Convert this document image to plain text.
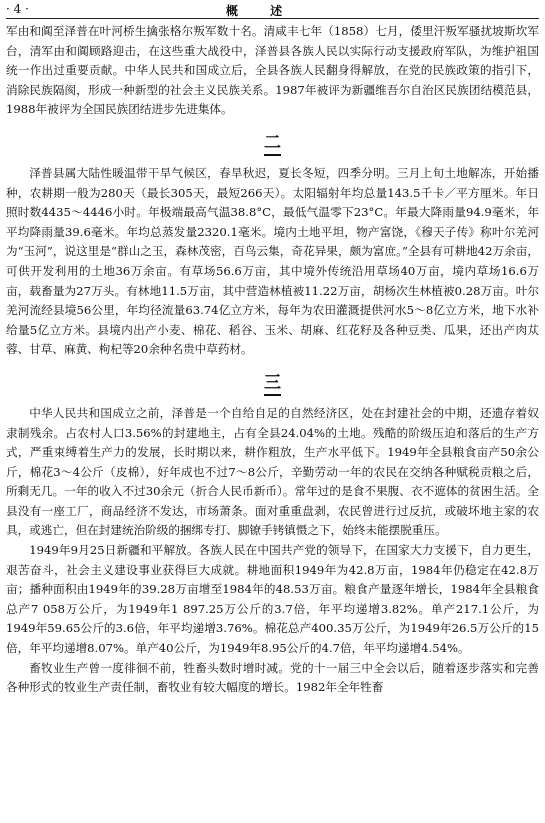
· 4 ·	概 述

军由和阗至泽普在叶河桥生擒张格尔叛军数十名。清咸丰七年（1858）七月，倭里汗叛军骚扰坡斯坎军台，清军由和阗顾路迎击，在这些重大战役中，泽普县各族人民以实际行动支援政府军队，为维护祖国统一作出过重要贡献。中华人民共和国成立后，全县各族人民翻身得解放，在党的民族政策的指引下，消除民族隔阂，形成一种新型的社会主义民族关系。1987年被评为新疆维吾尔自治区民族团结模范县，1988年被评为全国民族团结进步先进集体。

二

泽普县属大陆性暖温带干旱气候区，春旱秋迟，夏长冬短，四季分明。三月上旬土地解冻，开始播种，农耕期一般为280天（最长305天，最短266天）。太阳辐射年均总量143.5千卡／平方厘米。年日照时数4435～4446小时。年极端最高气温38.8°C，最低气温零下23°C。年最大降雨量94.9毫米，年平均降雨量39.6毫米。年均总蒸发量2320.1毫米。境内土地平坦，物产富饶，《穆天子传》称叶尔羌河为“玉河”，说这里是“群山之玉，森林茂密，百鸟云集，奇花异果，颇为富庶。”全县有可耕地42万余亩，可供开发利用的土地36万余亩。有草场56.6万亩，其中境外传统沿用草场40万亩，境内草场16.6万亩，载畜量为27万头。有林地11.5万亩，其中营造林植被11.22万亩，胡杨次生林植被0.28万亩。叶尔羌河流经县境56公里，年均径流量63.74亿立方米，每年为农田灌溉提供河水5～8亿立方米，地下水补给量5亿立方米。县境内出产小麦、棉花、稻谷、玉米、胡麻、红花籽及各种豆类、瓜果，还出产肉苁蓉、甘草、麻黄、枸杞等20余种名贵中草药材。

三

中华人民共和国成立之前，泽普是一个自给自足的自然经济区，处在封建社会的中期，还遗存着奴隶制残余。占农村人口3.56%的封建地主，占有全县24.04%的土地。残酷的阶级压迫和落后的生产方式，严重束缚着生产力的发展，长时期以来，耕作粗放，生产水平低下。1949年全县粮食亩产50余公斤，棉花3～4公斤（皮棉），好年成也不过7～8公斤，辛勤劳动一年的农民在交纳各种赋税贡粮之后，所剩无几。一年的收入不过30余元（折合人民币新币）。常年过的是食不果腹、衣不遮体的贫困生活。全县没有一座工厂，商品经济不发达，市场萧条。面对重重盘剥，农民曾进行过反抗，或破坏地主家的农具，或逃亡，但在封建统治阶级的捆绑专打、脚镣手铐镇慑之下，始终未能摆脱重压。

1949年9月25日新疆和平解放。各族人民在中国共产党的领导下，在国家大力支援下，自力更生，艰苦奋斗，社会主义建设事业获得巨大成就。耕地面积1949年为42.8万亩，1984年仍稳定在42.8万亩；播种面积由1949年的39.28万亩增至1984年的48.53万亩。粮食产量逐年增长，1984年全县粮食总产7 058万公斤，为1949年1 897.25万公斤的3.7倍，年平均递增3.82%。单产217.1公斤，为1949年59.65公斤的3.6倍，年平均递增3.76%。棉花总产400.35万公斤，为1949年26.5万公斤的15倍，年平均递增8.07%。单产40公斤，为1949年8.95公斤的4.7倍，年平均递增4.54%。

畜牧业生产曾一度徘徊不前，牲畜头数时增时减。党的十一届三中全会以后，随着逐步落实和完善各种形式的牧业生产责任制，畜牧业有较大幅度的增长。1982年全年牲畜
